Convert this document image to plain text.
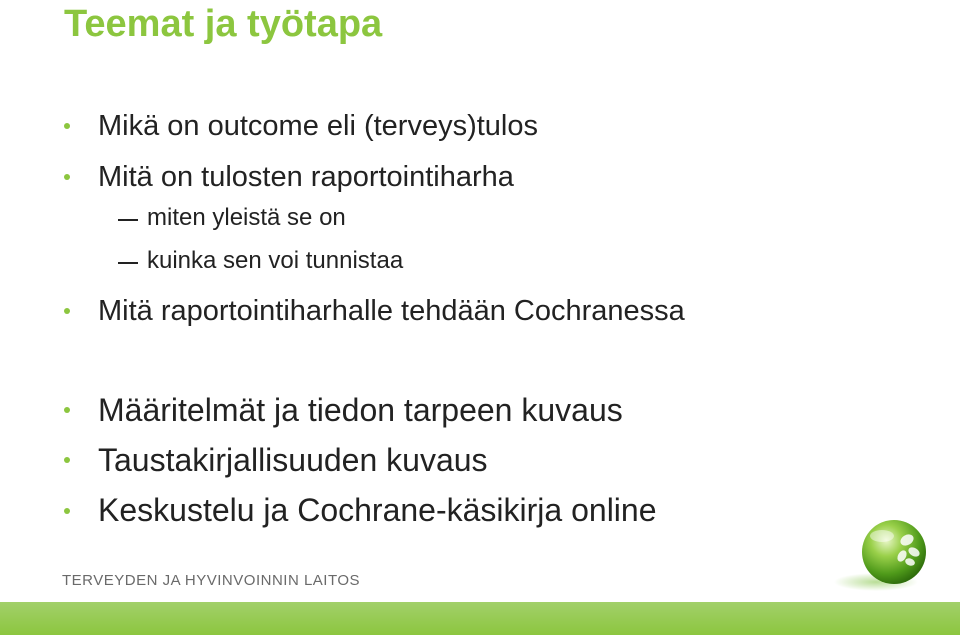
Teemat ja työtapa
Mikä on outcome eli (terveys)tulos
Mitä on tulosten raportointiharha
miten yleistä se on
kuinka sen voi tunnistaa
Mitä raportointiharhalle tehdään Cochranessa
Määritelmät ja tiedon tarpeen kuvaus
Taustakirjallisuuden kuvaus
Keskustelu ja Cochrane-käsikirja online
TERVEYDEN JA HYVINVOINNIN LAITOS
